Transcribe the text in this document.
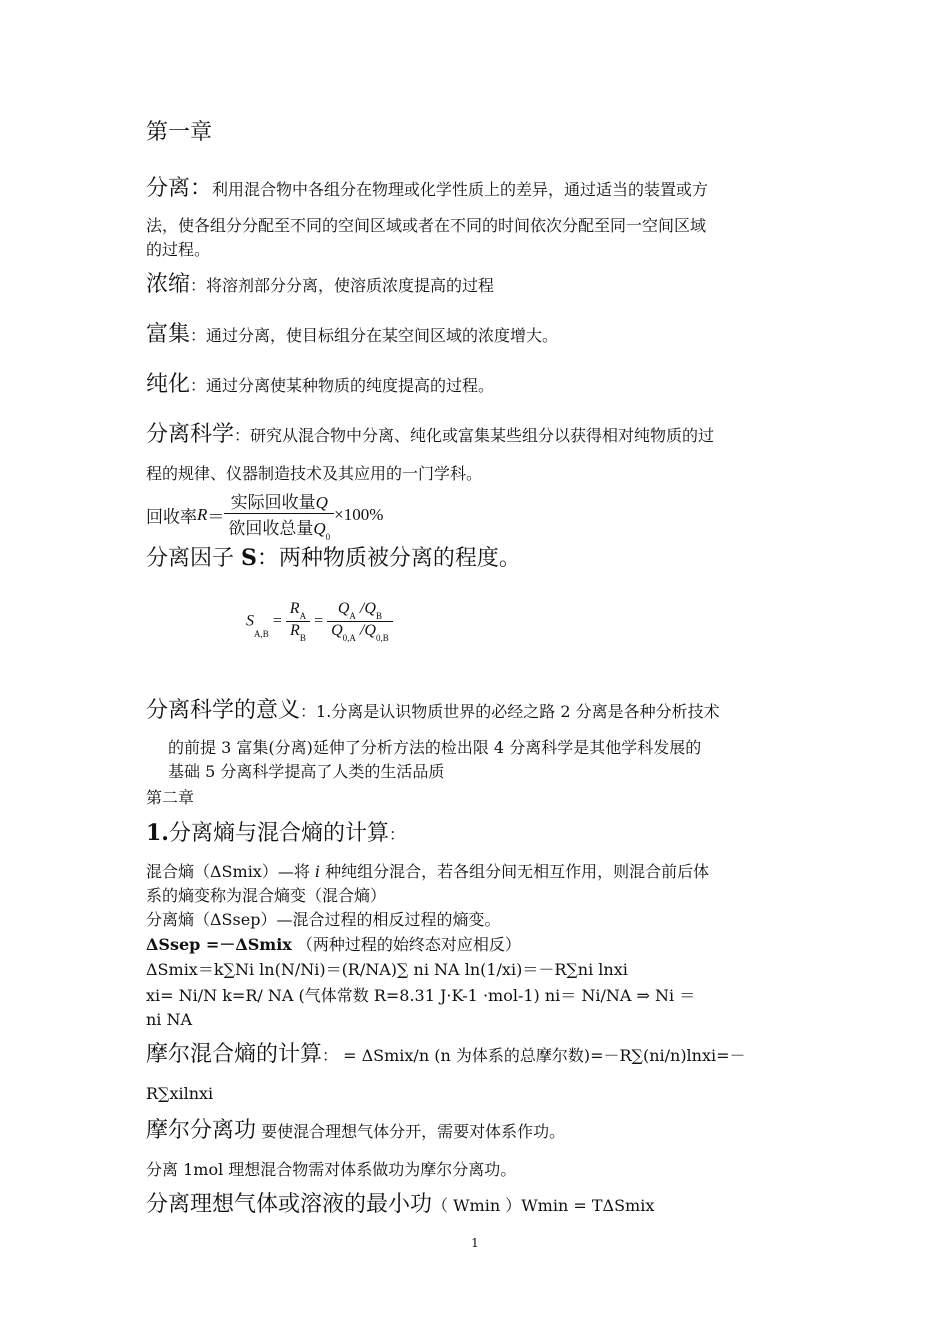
第一章
分离：利用混合物中各组分在物理或化学性质上的差异，通过适当的装置或方
法，使各组分分配至不同的空间区域或者在不同的时间依次分配至同一空间区域
的过程。
浓缩：将溶剂部分分离，使溶质浓度提高的过程
富集：通过分离，使目标组分在某空间区域的浓度增大。
纯化：通过分离使某种物质的纯度提高的过程。
分离科学：研究从混合物中分离、纯化或富集某些组分以获得相对纯物质的过
程的规律、仪器制造技术及其应用的一门学科。
回收率$R= \frac{\text{实际回收量Q}}{欲回收总量Q_0} \times 100\%$
分离因子 S：两种物质被分离的程度。
$S_{A,B} = \frac{R_A}{R_B} = \frac{Q_A /Q_B}{Q_{0,A} /Q_{0,B}}$
分离科学的意义：1.分离是认识物质世界的必经之路 2 分离是各种分析技术
的前提 3 富集(分离)延伸了分析方法的检出限 4 分离科学是其他学科发展的
基础 5 分离科学提高了人类的生活品质
第二章
1.分离熵与混合熵的计算：
混合熵（ΔSmix）—将 i 种纯组分混合，若各组分间无相互作用，则混合前后体
系的熵变称为混合熵变（混合熵）
分离熵（ΔSsep）—混合过程的相反过程的熵变。
ΔSsep =－ΔSmix （两种过程的始终态对应相反）
ΔSmix＝k∑Ni ln(N/Ni)＝(R/NA)∑ ni NA ln(1/xi)＝－R∑ni lnxi
xi= Ni/N k=R/ NA (气体常数 R=8.31 J·K-1 ·mol-1) ni＝ Ni/NA ⇒ Ni ＝
ni NA
摩尔混合熵的计算： = ΔSmix/n (n 为体系的总摩尔数)=－R∑(ni/n)lnxi=－
R∑xilnxi
摩尔分离功 要使混合理想气体分开，需要对体系作功。
分离 1mol 理想混合物需对体系做功为摩尔分离功。
分离理想气体或溶液的最小功（ Wmin ）Wmin = TΔSmix
1
